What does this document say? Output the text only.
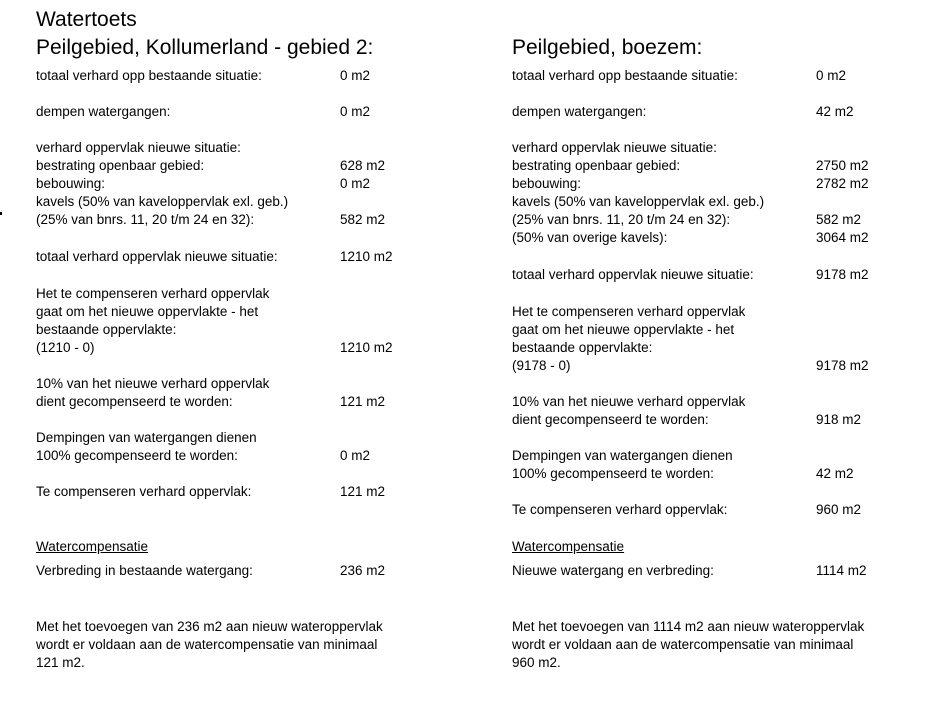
Watertoets
Peilgebied, Kollumerland - gebied 2:
totaal verhard opp bestaande situatie:	0 m2
dempen watergangen:	0 m2
verhard oppervlak nieuwe situatie:
bestrating openbaar gebied:	628 m2
bebouwing:	0 m2
kavels (50% van kaveloppervlak exl. geb.)
(25% van bnrs. 11, 20 t/m 24 en 32):	582 m2
totaal verhard oppervlak nieuwe situatie:	1210 m2
Het te compenseren verhard oppervlak
gaat om het nieuwe oppervlakte - het
bestaande oppervlakte:
(1210 - 0)	1210 m2
10% van het nieuwe verhard oppervlak
dient gecompenseerd te worden:	121 m2
Dempingen van watergangen dienen
100% gecompenseerd te worden:	0 m2
Te compenseren verhard oppervlak:	121 m2
Watercompensatie
Verbreding in bestaande watergang:	236 m2
Met het toevoegen van 236 m2 aan nieuw wateroppervlak
wordt er voldaan aan de watercompensatie van minimaal
121 m2.
Peilgebied, boezem:
totaal verhard opp bestaande situatie:	0 m2
dempen watergangen:	42 m2
verhard oppervlak nieuwe situatie:
bestrating openbaar gebied:	2750 m2
bebouwing:	2782 m2
kavels (50% van kaveloppervlak exl. geb.)
(25% van bnrs. 11, 20 t/m 24 en 32):	582 m2
(50% van overige kavels):	3064 m2
totaal verhard oppervlak nieuwe situatie:	9178 m2
Het te compenseren verhard oppervlak
gaat om het nieuwe oppervlakte - het
bestaande oppervlakte:
(9178 - 0)	9178 m2
10% van het nieuwe verhard oppervlak
dient gecompenseerd te worden:	918 m2
Dempingen van watergangen dienen
100% gecompenseerd te worden:	42 m2
Te compenseren verhard oppervlak:	960 m2
Watercompensatie
Nieuwe watergang en verbreding:	1114 m2
Met het toevoegen van 1114 m2 aan nieuw wateroppervlak
wordt er voldaan aan de watercompensatie van minimaal
960 m2.
